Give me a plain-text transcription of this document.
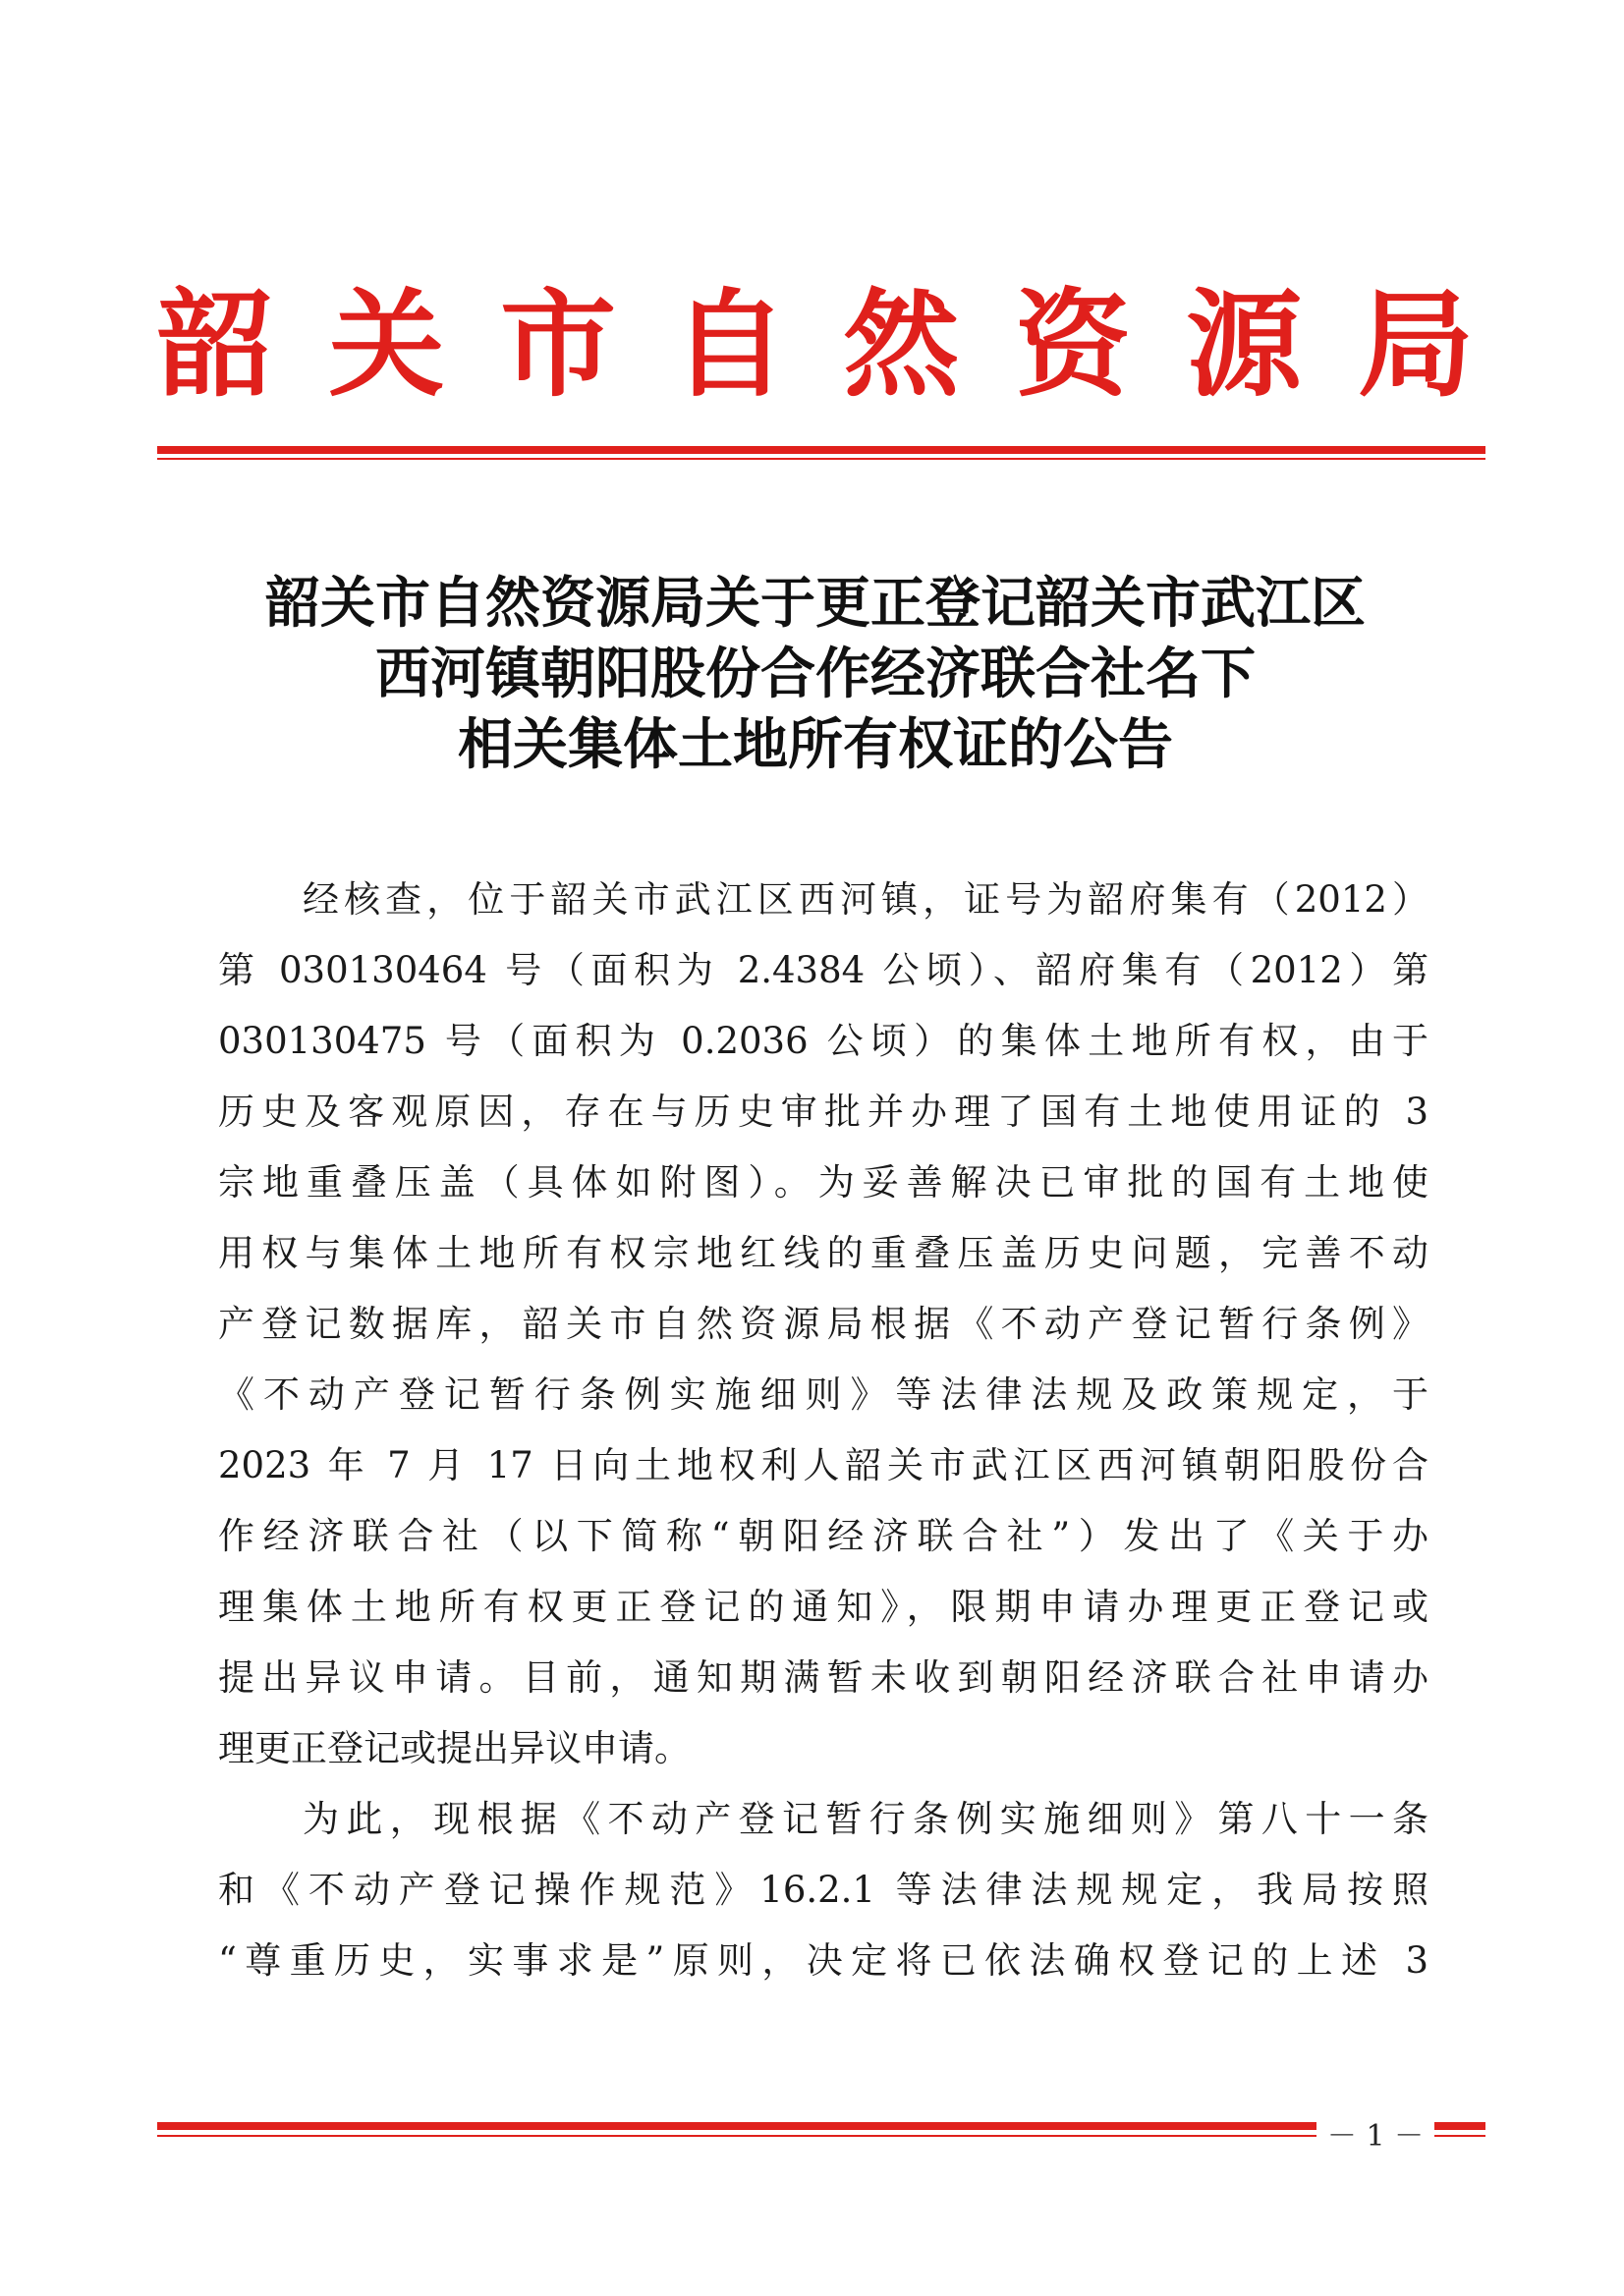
韶 关 市 自 然 资 源 局
韶关市自然资源局关于更正登记韶关市武江区
西河镇朝阳股份合作经济联合社名下
相关集体土地所有权证的公告
经核查，位于韶关市武江区西河镇，证号为韶府集有（2012）
第 030130464 号（面积为 2.4384 公顷）、韶府集有（2012）第
030130475 号（面积为 0.2036 公顷）的集体土地所有权，由于
历史及客观原因，存在与历史审批并办理了国有土地使用证的 3
宗地重叠压盖（具体如附图）。为妥善解决已审批的国有土地使
用权与集体土地所有权宗地红线的重叠压盖历史问题，完善不动
产登记数据库，韶关市自然资源局根据《不动产登记暂行条例》
《不动产登记暂行条例实施细则》等法律法规及政策规定，于
2023 年 7 月 17 日向土地权利人韶关市武江区西河镇朝阳股份合
作经济联合社（以下简称“朝阳经济联合社”）发出了《关于办
理集体土地所有权更正登记的通知》，限期申请办理更正登记或
提出异议申请。目前，通知期满暂未收到朝阳经济联合社申请办
理更正登记或提出异议申请。
为此，现根据《不动产登记暂行条例实施细则》第八十一条
和《不动产登记操作规范》16.2.1 等法律法规规定，我局按照
“尊重历史，实事求是”原则，决定将已依法确权登记的上述 3
－ 1 －
